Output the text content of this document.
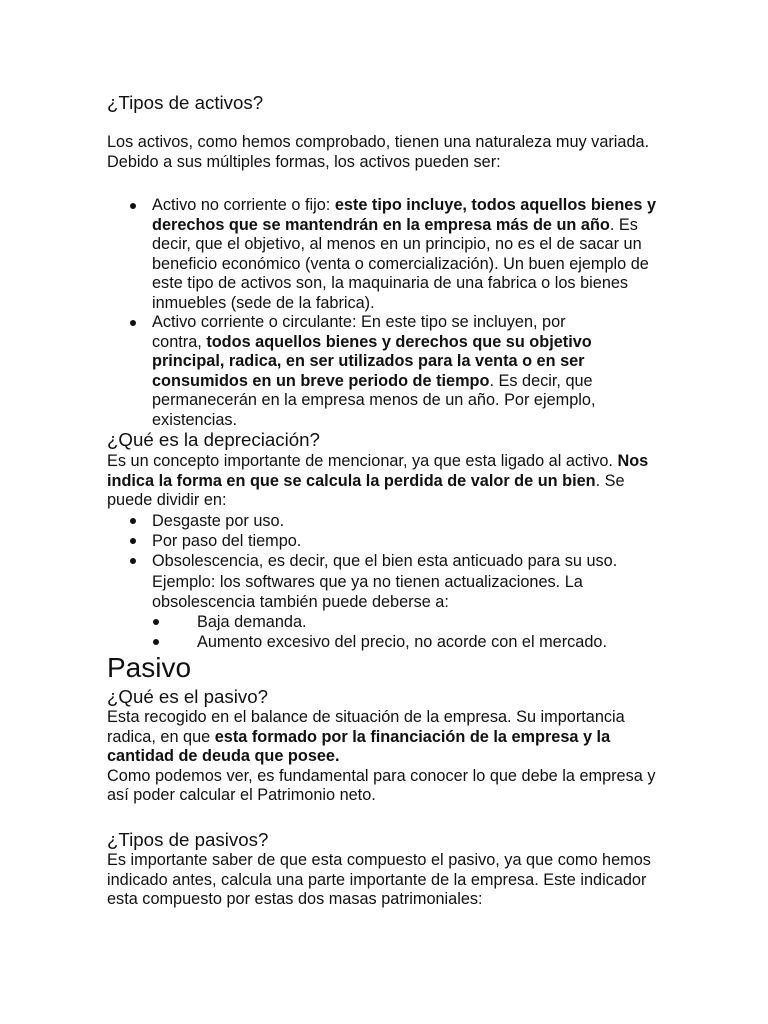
¿Tipos de activos?
Los activos, como hemos comprobado, tienen una naturaleza muy variada.
Debido a sus múltiples formas, los activos pueden ser:
Activo no corriente o fijo: este tipo incluye, todos aquellos bienes y
derechos que se mantendrán en la empresa más de un año. Es
decir, que el objetivo, al menos en un principio, no es el de sacar un
beneficio económico (venta o comercialización). Un buen ejemplo de
este tipo de activos son, la maquinaria de una fabrica o los bienes
inmuebles (sede de la fabrica).
Activo corriente o circulante: En este tipo se incluyen, por
contra, todos aquellos bienes y derechos que su objetivo
principal, radica, en ser utilizados para la venta o en ser
consumidos en un breve periodo de tiempo. Es decir, que
permanecerán en la empresa menos de un año. Por ejemplo,
existencias.
¿Qué es la depreciación?
Es un concepto importante de mencionar, ya que esta ligado al activo. Nos
indica la forma en que se calcula la perdida de valor de un bien. Se
puede dividir en:
Desgaste por uso.
Por paso del tiempo.
Obsolescencia, es decir, que el bien esta anticuado para su uso.
Ejemplo: los softwares que ya no tienen actualizaciones. La
obsolescencia también puede deberse a:
Baja demanda.
Aumento excesivo del precio, no acorde con el mercado.
Pasivo
¿Qué es el pasivo?
Esta recogido en el balance de situación de la empresa. Su importancia
radica, en que esta formado por la financiación de la empresa y la
cantidad de deuda que posee.
Como podemos ver, es fundamental para conocer lo que debe la empresa y
así poder calcular el Patrimonio neto.
¿Tipos de pasivos?
Es importante saber de que esta compuesto el pasivo, ya que como hemos
indicado antes, calcula una parte importante de la empresa. Este indicador
esta compuesto por estas dos masas patrimoniales:
